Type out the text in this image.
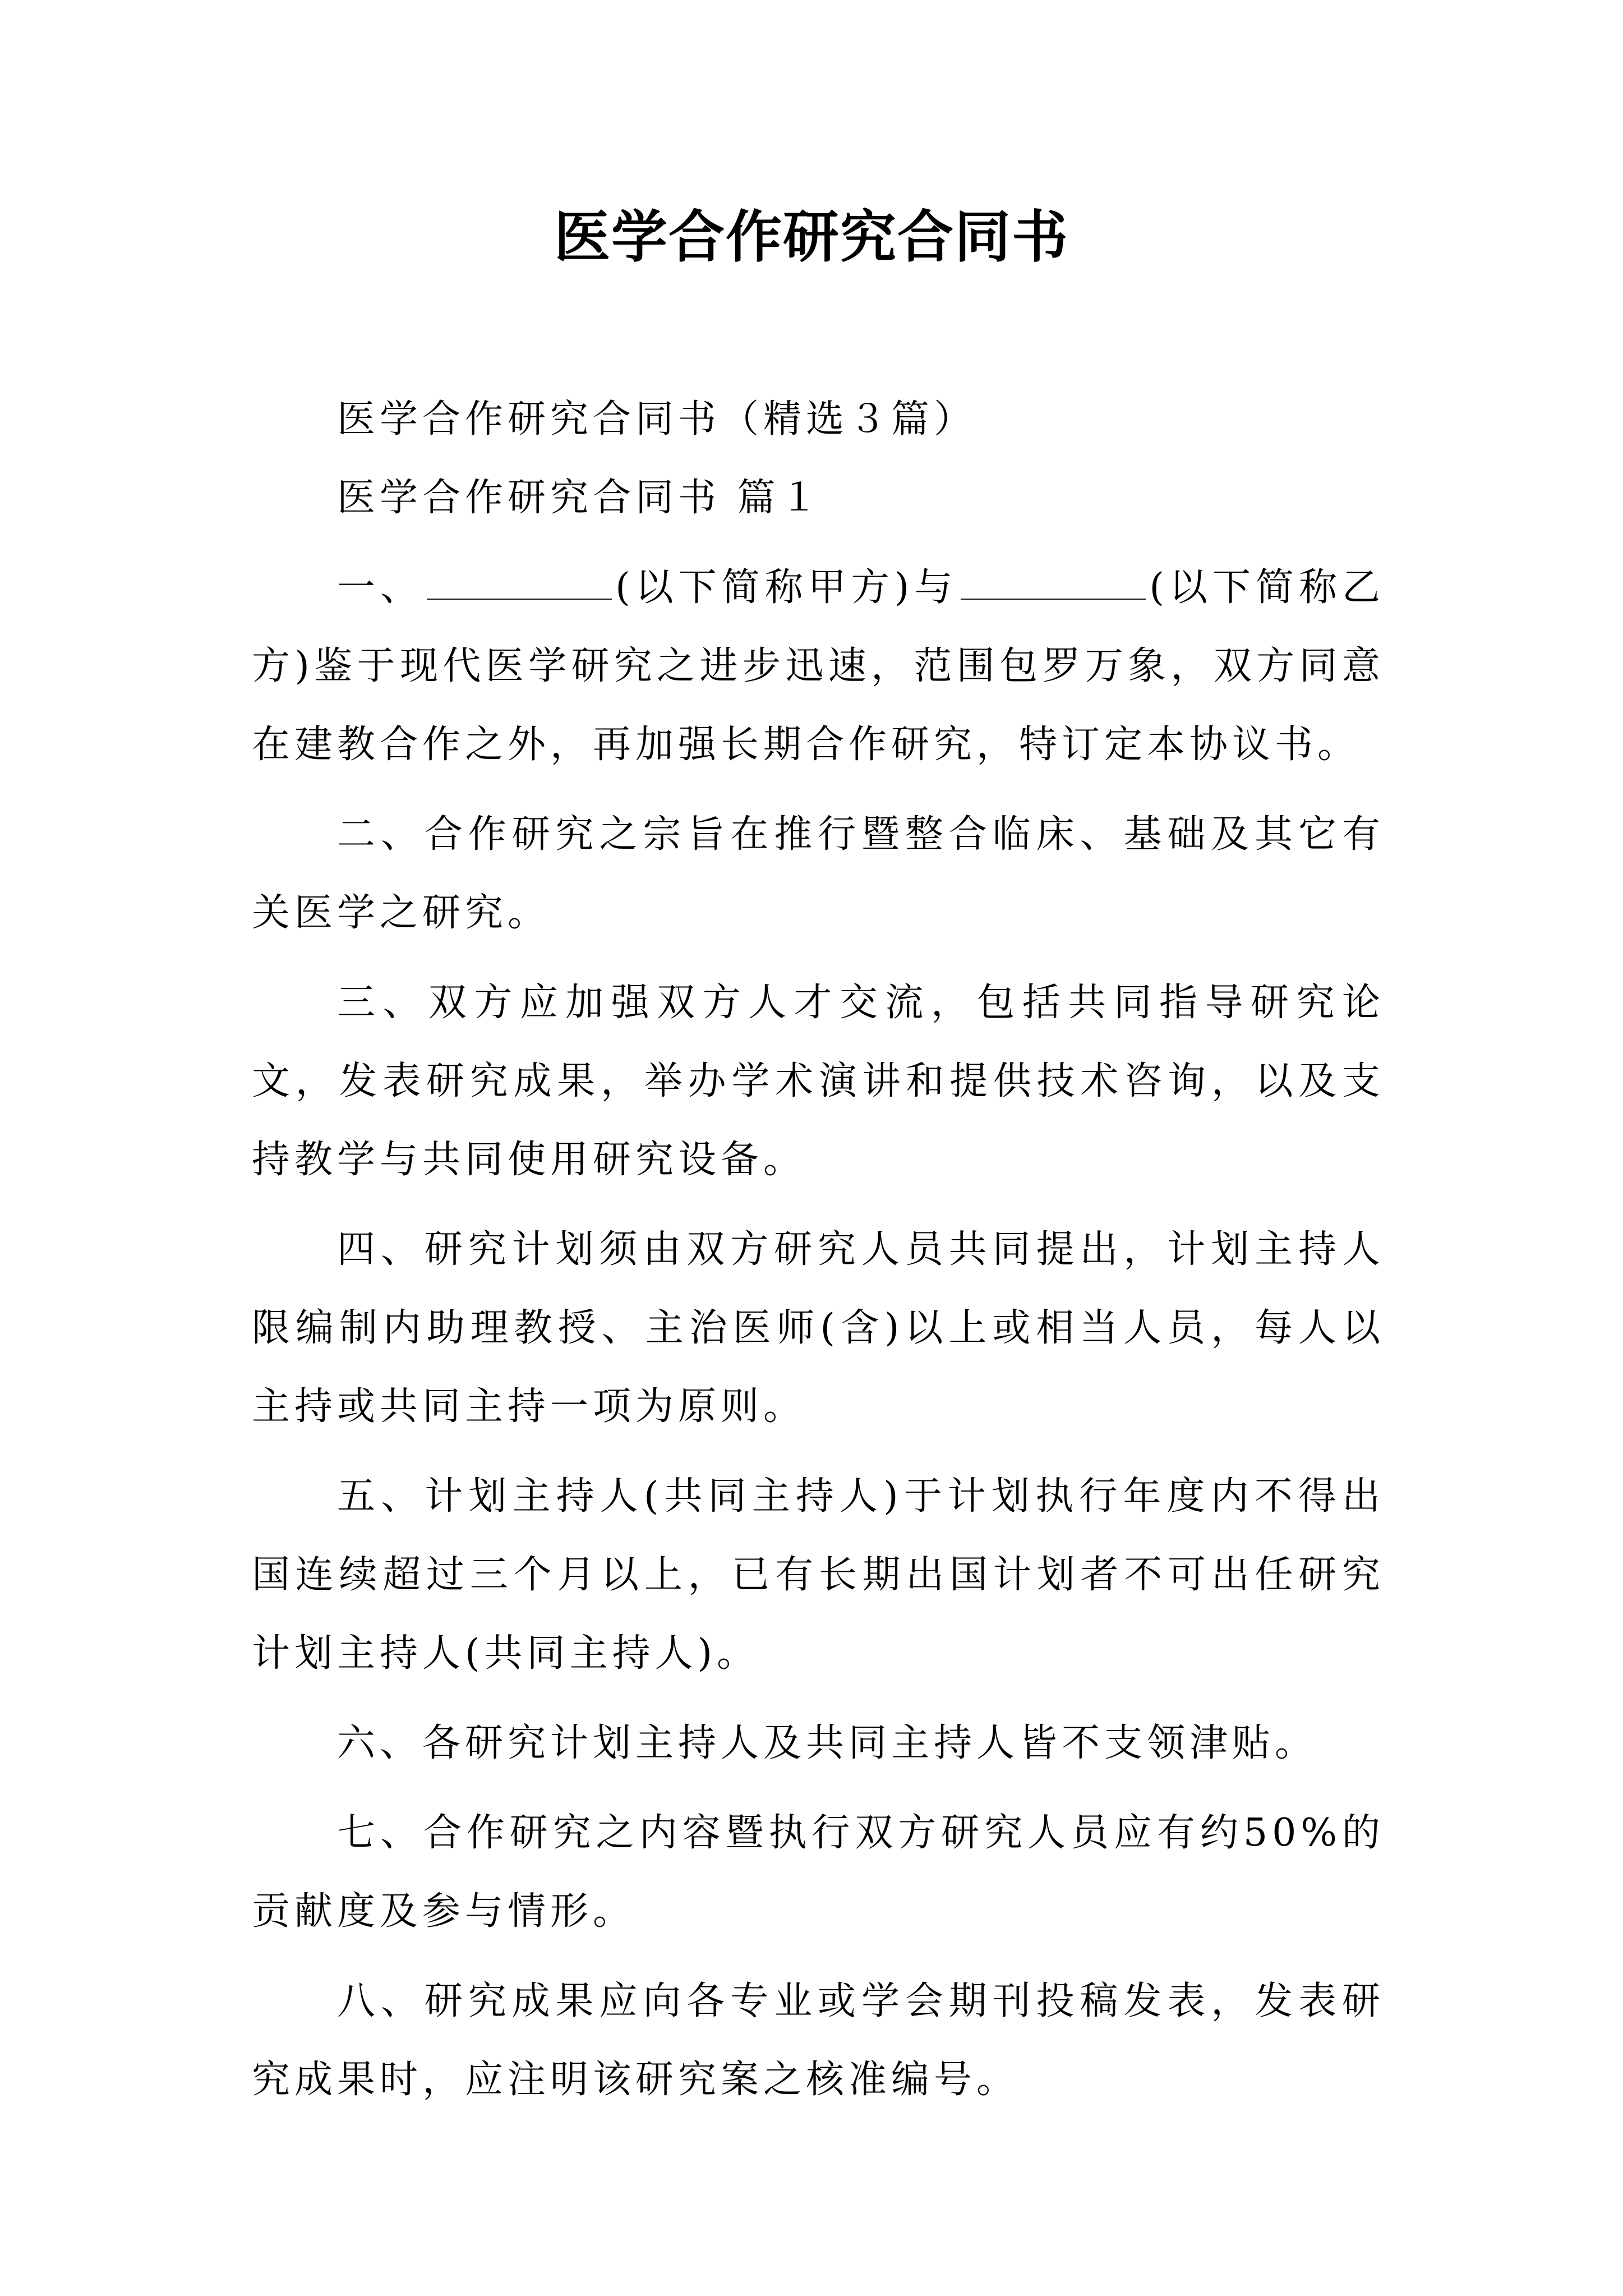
医学合作研究合同书

医学合作研究合同书（精选３篇）

医学合作研究合同书 篇１

一、	(以下简称甲方)与	(以下简称乙方)鉴于现代医学研究之进步迅速，范围包罗万象，双方同意在建教合作之外，再加强长期合作研究，特订定本协议书。

二、合作研究之宗旨在推行暨整合临床、基础及其它有关医学之研究。

三、双方应加强双方人才交流，包括共同指导研究论文，发表研究成果，举办学术演讲和提供技术咨询，以及支持教学与共同使用研究设备。

四、研究计划须由双方研究人员共同提出，计划主持人限编制内助理教授、主治医师(含)以上或相当人员，每人以主持或共同主持一项为原则。

五、计划主持人(共同主持人)于计划执行年度内不得出国连续超过三个月以上，已有长期出国计划者不可出任研究计划主持人(共同主持人)。

六、各研究计划主持人及共同主持人皆不支领津贴。

七、合作研究之内容暨执行双方研究人员应有约50%的贡献度及参与情形。

八、研究成果应向各专业或学会期刊投稿发表，发表研究成果时，应注明该研究案之核准编号。
